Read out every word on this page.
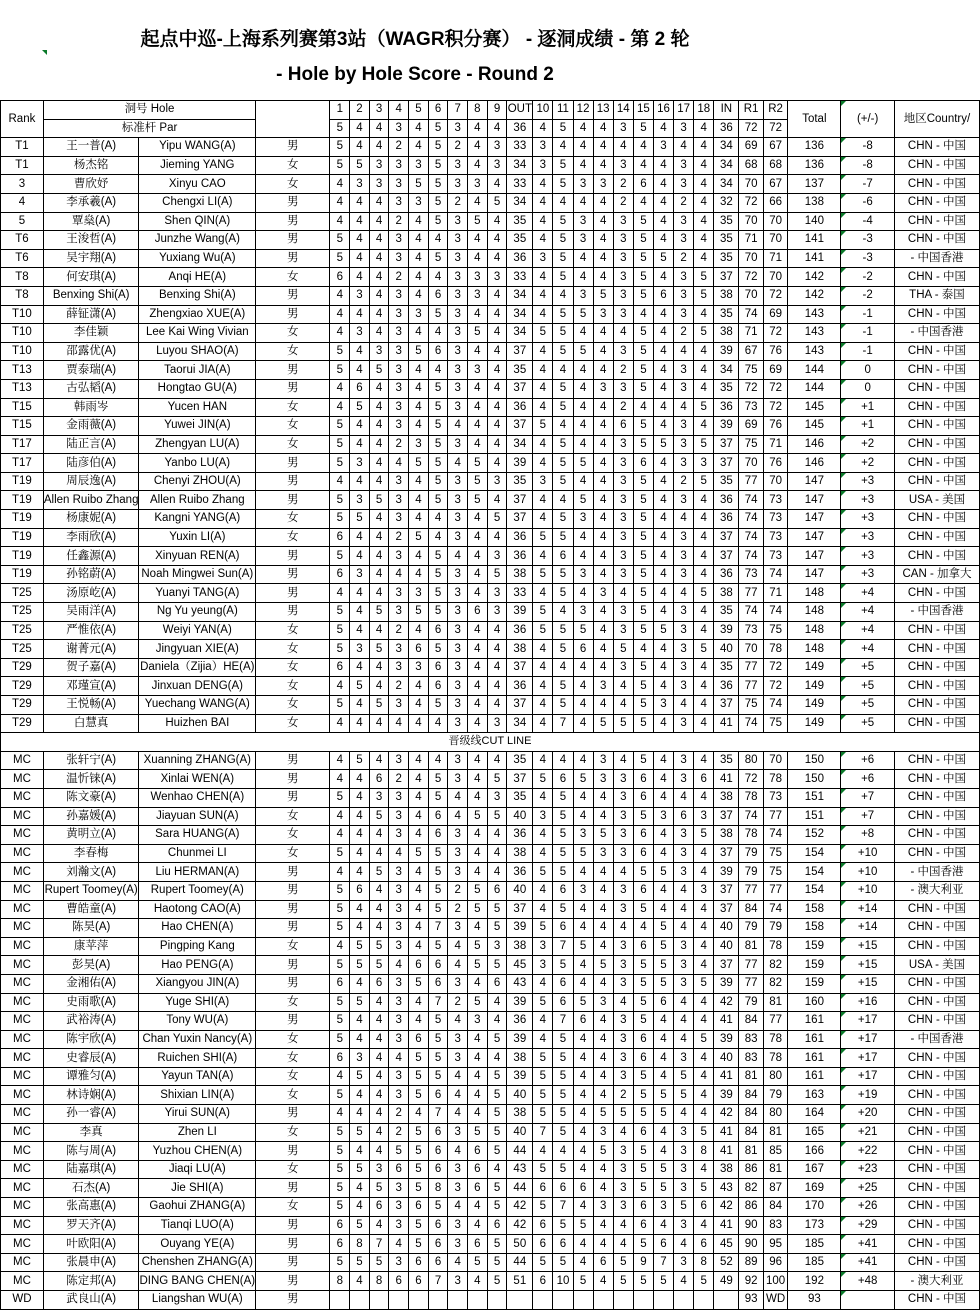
起点中巡-上海系列赛第3站（WAGR积分赛） - 逐洞成绩 - 第 2 轮
- Hole by Hole Score - Round 2
Rank	洞号 Hole			1	2	3	4	5	6	7	8	9	OUT	10	11	12	13	14	15	16	17	18	IN	R1	R2	Total	(+/-)	地区Country/
	标准杆 Par			5	4	4	3	4	5	3	4	4	36	4	5	4	4	3	5	4	3	4	36	72	72			
T1	王一普(A)	Yipu WANG(A)	男	5	4	4	2	4	5	2	4	3	33	3	4	4	4	4	4	3	4	4	34	69	67	136	-8	CHN - 中国
T1	杨杰铭	Jieming YANG	女	5	5	3	3	3	5	3	4	3	34	3	5	4	4	3	4	4	3	4	34	68	68	136	-8	CHN - 中国
3	曹欣妤	Xinyu CAO	女	4	3	3	3	5	5	3	3	4	33	4	5	3	3	2	6	4	3	4	34	70	67	137	-7	CHN - 中国
4	李承羲(A)	Chengxi LI(A)	男	4	4	4	3	3	5	2	4	5	34	4	4	4	4	2	4	4	2	4	32	72	66	138	-6	CHN - 中国
5	覃燊(A)	Shen QIN(A)	男	4	4	4	2	4	5	3	5	4	35	4	5	3	4	3	5	4	3	4	35	70	70	140	-4	CHN - 中国
T6	王浚哲(A)	Junzhe Wang(A)	男	5	4	4	3	4	4	3	4	4	35	4	5	3	4	3	5	4	3	4	35	71	70	141	-3	CHN - 中国
T6	吴宇翔(A)	Yuxiang Wu(A)	男	5	4	4	3	4	5	3	4	4	36	3	5	4	4	3	5	5	2	4	35	70	71	141	-3	- 中国香港
T8	何安琪(A)	Anqi HE(A)	女	6	4	4	2	4	4	3	3	3	33	4	5	4	4	3	5	4	3	5	37	72	70	142	-2	CHN - 中国
T8	Benxing Shi(A)	Benxing Shi(A)	男	4	3	4	3	4	6	3	3	4	34	4	4	3	5	3	5	6	3	5	38	70	72	142	-2	THA - 泰国
T10	薛钲潇(A)	Zhengxiao XUE(A)	男	4	4	4	3	3	5	3	4	4	34	4	5	5	3	3	4	4	3	4	35	74	69	143	-1	CHN - 中国
T10	李佳颖	Lee Kai Wing Vivian	女	4	3	4	3	4	4	3	5	4	34	5	5	4	4	4	5	4	2	5	38	71	72	143	-1	- 中国香港
T10	邵露优(A)	Luyou SHAO(A)	女	5	4	3	3	5	6	3	4	4	37	4	5	5	4	3	5	4	4	4	39	67	76	143	-1	CHN - 中国
T13	贾泰瑞(A)	Taorui JIA(A)	男	5	4	5	3	4	4	3	3	4	35	4	4	4	4	2	5	4	3	4	34	75	69	144	0	CHN - 中国
T13	古弘韬(A)	Hongtao GU(A)	男	4	6	4	3	4	5	3	4	4	37	4	5	4	3	3	5	4	3	4	35	72	72	144	0	CHN - 中国
T15	韩雨岑	Yucen HAN	女	4	5	4	3	4	5	3	4	4	36	4	5	4	4	2	4	4	4	5	36	73	72	145	+1	CHN - 中国
T15	金雨薇(A)	Yuwei JIN(A)	女	5	4	4	3	4	5	4	4	4	37	5	4	4	4	6	5	4	3	4	39	69	76	145	+1	CHN - 中国
T17	陆正言(A)	Zhengyan LU(A)	女	5	4	4	2	3	5	3	4	4	34	4	5	4	4	3	5	5	3	5	37	75	71	146	+2	CHN - 中国
T17	陆彦伯(A)	Yanbo LU(A)	男	5	3	4	4	5	5	4	5	4	39	4	5	5	4	3	6	4	3	3	37	70	76	146	+2	CHN - 中国
T19	周辰逸(A)	Chenyi ZHOU(A)	男	4	4	4	3	4	5	3	5	3	35	3	5	4	4	3	5	4	2	5	35	77	70	147	+3	CHN - 中国
T19	Allen Ruibo Zhang	Allen Ruibo Zhang	男	5	3	5	3	4	5	3	5	4	37	4	4	5	4	3	5	4	3	4	36	74	73	147	+3	USA - 美国
T19	杨康妮(A)	Kangni YANG(A)	女	5	5	4	3	4	4	3	4	5	37	4	5	3	4	3	5	4	4	4	36	74	73	147	+3	CHN - 中国
T19	李雨欣(A)	Yuxin LI(A)	女	6	4	4	2	5	4	3	4	4	36	5	5	4	4	3	5	4	3	4	37	74	73	147	+3	CHN - 中国
T19	任鑫源(A)	Xinyuan REN(A)	男	5	4	4	3	4	5	4	4	3	36	4	6	4	4	3	5	4	3	4	37	74	73	147	+3	CHN - 中国
T19	孙铭蔚(A)	Noah Mingwei Sun(A)	男	6	3	4	4	4	5	3	4	5	38	5	5	3	4	3	5	4	3	4	36	73	74	147	+3	CAN - 加拿大
T25	汤原屹(A)	Yuanyi TANG(A)	男	4	4	4	3	3	5	3	4	3	33	4	5	4	3	4	5	4	4	5	38	77	71	148	+4	CHN - 中国
T25	吴雨洋(A)	Ng Yu yeung(A)	男	5	4	5	3	5	5	3	6	3	39	5	4	3	4	3	5	4	3	4	35	74	74	148	+4	- 中国香港
T25	严惟依(A)	Weiyi YAN(A)	女	5	4	4	2	4	6	3	4	4	36	5	5	5	4	3	5	5	3	4	39	73	75	148	+4	CHN - 中国
T25	谢菁元(A)	Jingyuan XIE(A)	女	5	3	5	3	6	5	3	4	4	38	4	5	6	4	5	4	4	3	5	40	70	78	148	+4	CHN - 中国
T29	贺子嘉(A)	Daniela（Zijia）HE(A)	女	6	4	4	3	3	6	3	4	4	37	4	4	4	4	3	5	4	3	4	35	77	72	149	+5	CHN - 中国
T29	邓瑾宣(A)	Jinxuan DENG(A)	女	4	5	4	2	4	6	3	4	4	36	4	5	4	3	4	5	4	3	4	36	77	72	149	+5	CHN - 中国
T29	王悦畅(A)	Yuechang WANG(A)	女	5	4	5	3	4	5	3	4	4	37	4	5	4	4	4	5	3	4	4	37	75	74	149	+5	CHN - 中国
T29	白慧真	Huizhen BAI	女	4	4	4	4	4	4	3	4	3	34	4	7	4	5	5	5	4	3	4	41	74	75	149	+5	CHN - 中国
晋级线CUT LINE																												
MC	张轩宁(A)	Xuanning ZHANG(A)	男	4	5	4	3	4	4	3	4	4	35	4	4	4	3	4	5	4	3	4	35	80	70	150	+6	CHN - 中国
MC	温忻铼(A)	Xinlai WEN(A)	男	4	4	6	2	4	5	3	4	5	37	5	6	5	3	3	6	4	3	6	41	72	78	150	+6	CHN - 中国
MC	陈文豪(A)	Wenhao CHEN(A)	男	5	4	3	3	4	5	4	4	3	35	4	5	4	4	3	6	4	4	4	38	78	73	151	+7	CHN - 中国
MC	孙嘉媛(A)	Jiayuan SUN(A)	女	4	4	5	3	4	6	4	5	5	40	3	5	4	4	3	5	3	6	3	37	74	77	151	+7	CHN - 中国
MC	黄明立(A)	Sara HUANG(A)	女	4	4	4	3	4	6	3	4	4	36	4	5	3	5	3	6	4	3	5	38	78	74	152	+8	CHN - 中国
MC	李春梅	Chunmei LI	女	5	4	4	4	5	5	3	4	4	38	4	5	5	3	3	6	4	3	4	37	79	75	154	+10	CHN - 中国
MC	刘瀚文(A)	Liu HERMAN(A)	男	4	4	5	3	4	5	3	4	4	36	5	5	4	4	4	5	5	3	4	39	79	75	154	+10	- 中国香港
MC	Rupert Toomey(A)	Rupert Toomey(A)	男	5	6	4	3	4	5	2	5	6	40	4	6	3	4	3	6	4	4	3	37	77	77	154	+10	- 澳大利亚
MC	曹皓童(A)	Haotong CAO(A)	男	5	4	4	3	4	5	2	5	5	37	4	5	4	4	3	5	4	4	4	37	84	74	158	+14	CHN - 中国
MC	陈昊(A)	Hao CHEN(A)	男	5	4	4	3	4	7	3	4	5	39	5	6	4	4	4	4	5	4	4	40	79	79	158	+14	CHN - 中国
MC	康苹萍	Pingping Kang	女	4	5	5	3	4	5	4	5	3	38	3	7	5	4	3	6	5	3	4	40	81	78	159	+15	CHN - 中国
MC	彭昊(A)	Hao PENG(A)	男	5	5	5	4	6	6	4	5	5	45	3	5	4	5	3	5	5	3	4	37	77	82	159	+15	USA - 美国
MC	金湘佑(A)	Xiangyou JIN(A)	男	6	4	6	3	5	6	3	4	6	43	4	6	4	4	3	5	5	3	5	39	77	82	159	+15	CHN - 中国
MC	史雨歌(A)	Yuge SHI(A)	女	5	5	4	3	4	7	2	5	4	39	5	6	5	3	4	5	6	4	4	42	79	81	160	+16	CHN - 中国
MC	武裕涛(A)	Tony WU(A)	男	5	4	4	3	4	5	4	3	4	36	4	7	6	4	3	5	4	4	4	41	84	77	161	+17	CHN - 中国
MC	陈宇欣(A)	Chan Yuxin Nancy(A)	女	5	4	4	3	6	5	3	4	5	39	4	5	4	4	3	6	4	4	5	39	83	78	161	+17	- 中国香港
MC	史睿辰(A)	Ruichen SHI(A)	女	6	3	4	4	5	5	3	4	4	38	5	5	4	4	3	6	4	3	4	40	83	78	161	+17	CHN - 中国
MC	谭雅匀(A)	Yayun TAN(A)	女	4	5	4	3	5	5	4	4	5	39	5	5	4	4	3	5	4	5	4	41	81	80	161	+17	CHN - 中国
MC	林诗娴(A)	Shixian LIN(A)	女	5	4	4	3	5	6	4	4	5	40	5	5	4	4	2	5	5	5	4	39	84	79	163	+19	CHN - 中国
MC	孙一睿(A)	Yirui SUN(A)	男	4	4	4	2	4	7	4	4	5	38	5	5	4	5	5	5	5	4	4	42	84	80	164	+20	CHN - 中国
MC	李真	Zhen LI	女	5	5	4	2	5	6	3	5	5	40	7	5	4	3	4	6	4	3	5	41	84	81	165	+21	CHN - 中国
MC	陈与周(A)	Yuzhou CHEN(A)	男	5	4	4	5	5	6	4	6	5	44	4	4	4	5	3	5	4	3	8	41	81	85	166	+22	CHN - 中国
MC	陆嘉琪(A)	Jiaqi LU(A)	女	5	5	3	6	5	6	3	6	4	43	5	5	4	4	3	5	5	3	4	38	86	81	167	+23	CHN - 中国
MC	石杰(A)	Jie SHI(A)	男	5	4	5	3	5	8	3	6	5	44	6	6	6	4	3	5	5	3	5	43	82	87	169	+25	CHN - 中国
MC	张高惠(A)	Gaohui ZHANG(A)	女	5	4	6	3	6	5	4	4	5	42	5	7	4	3	3	6	3	5	6	42	86	84	170	+26	CHN - 中国
MC	罗天齐(A)	Tianqi LUO(A)	男	6	5	4	3	5	6	3	4	6	42	6	5	5	4	4	6	4	3	4	41	90	83	173	+29	CHN - 中国
MC	叶欧阳(A)	Ouyang YE(A)	男	6	8	7	4	5	6	3	6	5	50	6	6	4	4	4	5	6	4	6	45	90	95	185	+41	CHN - 中国
MC	张晨申(A)	Chenshen ZHANG(A)	男	5	5	5	3	6	6	4	5	5	44	5	5	4	6	5	9	7	3	8	52	89	96	185	+41	CHN - 中国
MC	陈定邦(A)	DING BANG CHEN(A)	男	8	4	8	6	6	7	3	4	5	51	6	10	5	4	5	5	5	4	5	49	92	100	192	+48	- 澳大利亚
WD	武良山(A)	Liangshan WU(A)	男																					93	WD	93		CHN - 中国
